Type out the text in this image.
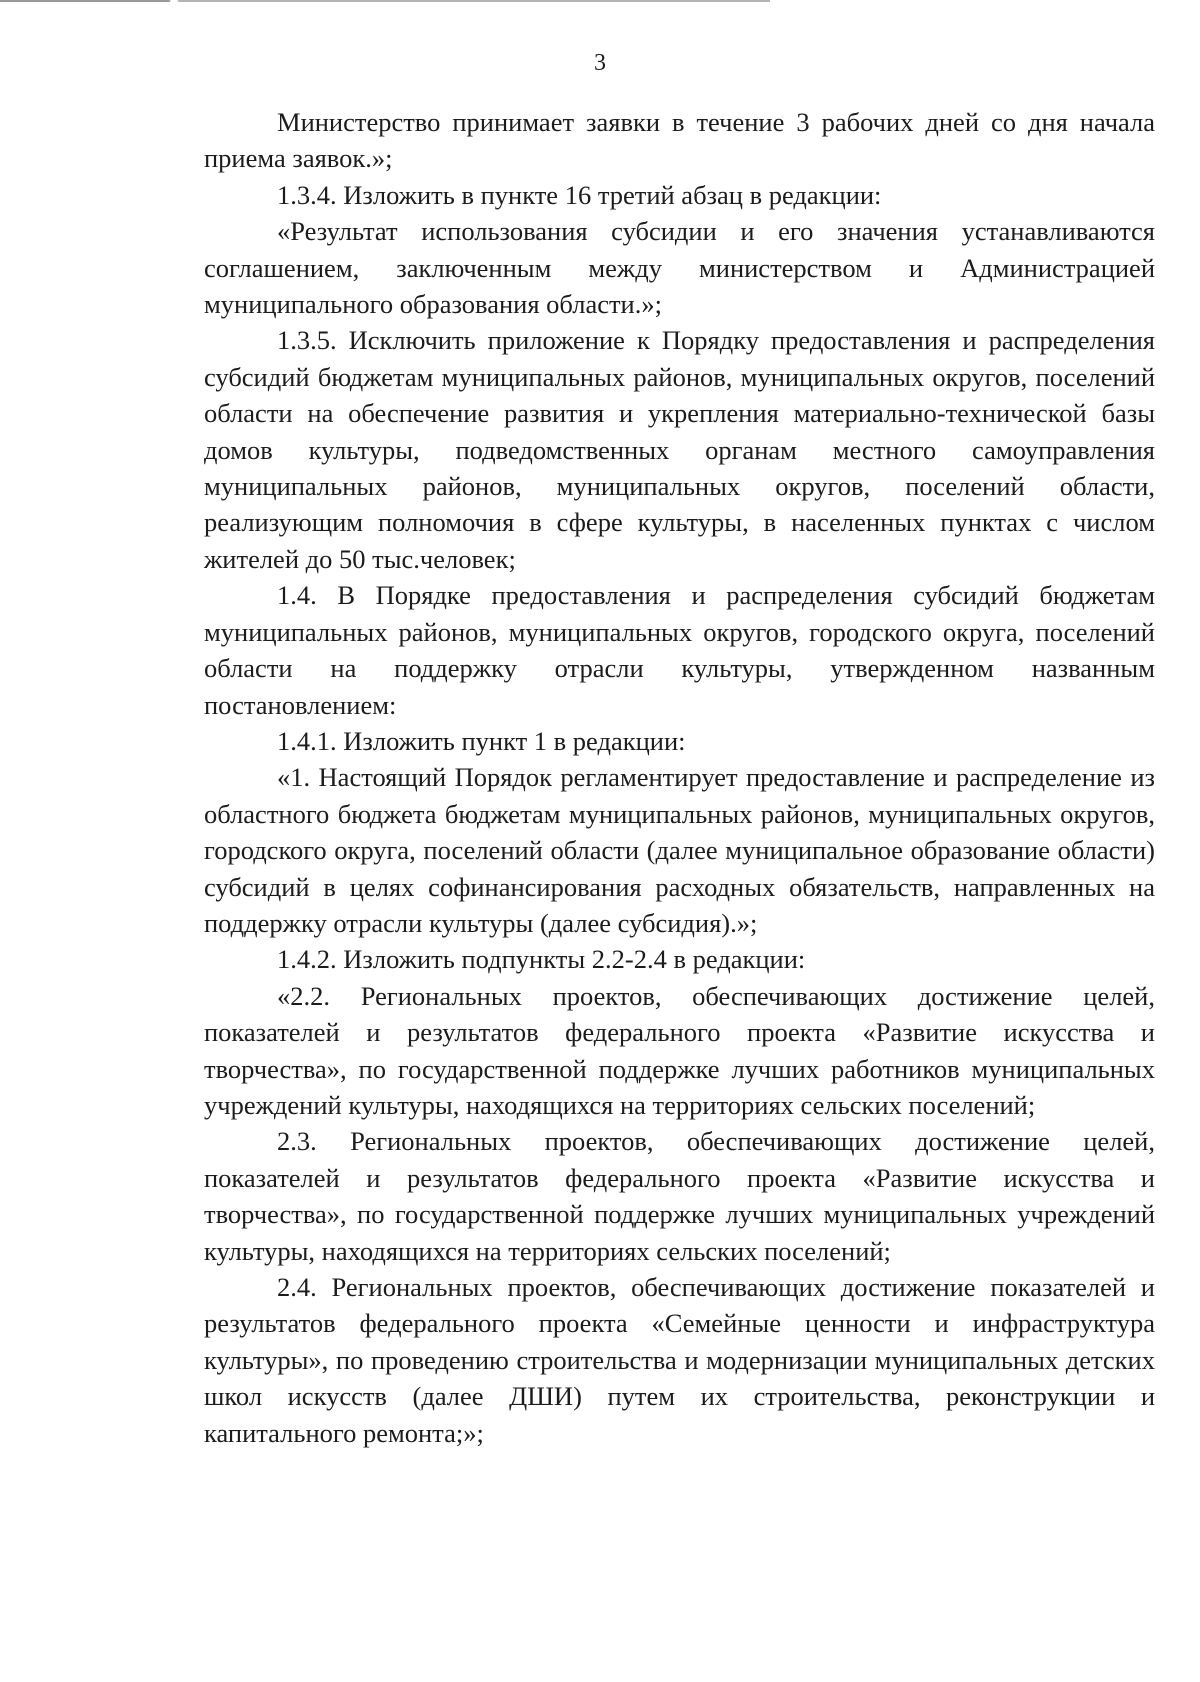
3

Министерство принимает заявки в течение 3 рабочих дней со дня начала приема заявок.»;

1.3.4. Изложить в пункте 16 третий абзац в редакции:

«Результат использования субсидии и его значения устанавливаются соглашением, заключенным между министерством и Администрацией муниципального образования области.»;

1.3.5. Исключить приложение к Порядку предоставления и распределения субсидий бюджетам муниципальных районов, муниципальных округов, поселений области на обеспечение развития и укрепления материально-технической базы домов культуры, подведомственных органам местного самоуправления муниципальных районов, муниципальных округов, поселений области, реализующим полномочия в сфере культуры, в населенных пунктах с числом жителей до 50 тыс.человек;

1.4. В Порядке предоставления и распределения субсидий бюджетам муниципальных районов, муниципальных округов, городского округа, поселений области на поддержку отрасли культуры, утвержденном названным постановлением:

1.4.1. Изложить пункт 1 в редакции:

«1. Настоящий Порядок регламентирует предоставление и распределение из областного бюджета бюджетам муниципальных районов, муниципальных округов, городского округа, поселений области (далее муниципальное образование области) субсидий в целях софинансирования расходных обязательств, направленных на поддержку отрасли культуры (далее субсидия).»;

1.4.2. Изложить подпункты 2.2-2.4 в редакции:

«2.2. Региональных проектов, обеспечивающих достижение целей, показателей и результатов федерального проекта «Развитие искусства и творчества», по государственной поддержке лучших работников муниципальных учреждений культуры, находящихся на территориях сельских поселений;

2.3. Региональных проектов, обеспечивающих достижение целей, показателей и результатов федерального проекта «Развитие искусства и творчества», по государственной поддержке лучших муниципальных учреждений культуры, находящихся на территориях сельских поселений;

2.4. Региональных проектов, обеспечивающих достижение показателей и результатов федерального проекта «Семейные ценности и инфраструктура культуры», по проведению строительства и модернизации муниципальных детских школ искусств (далее ДШИ) путем их строительства, реконструкции и капитального ремонта;»;
